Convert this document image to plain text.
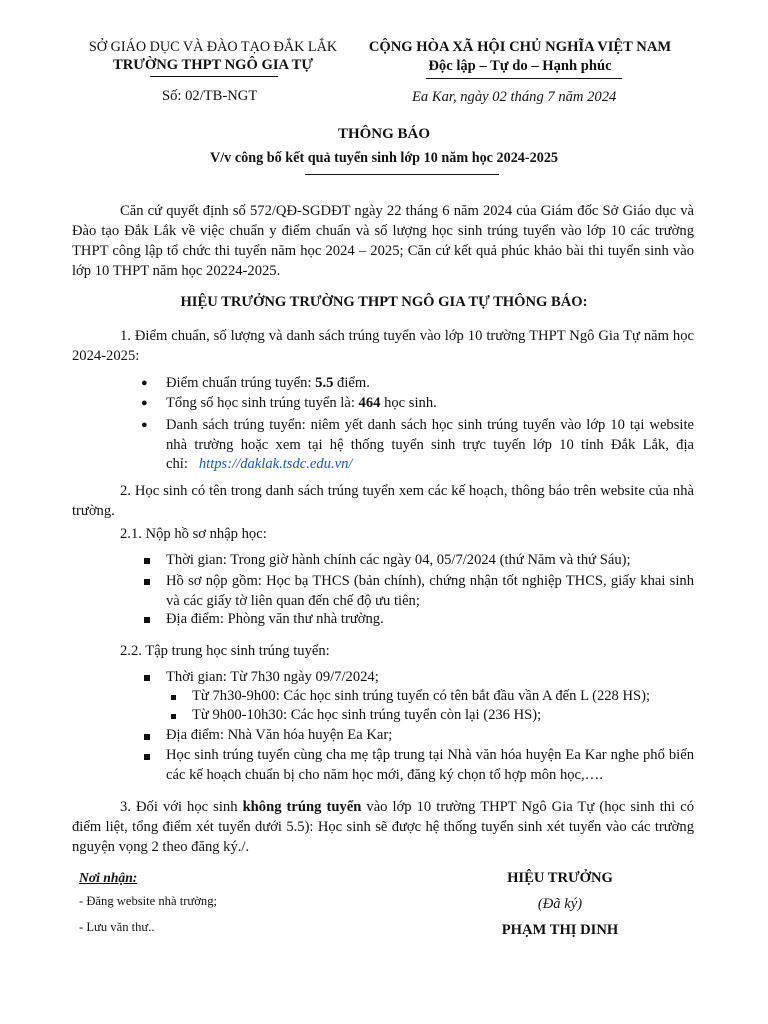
SỞ GIÁO DỤC VÀ ĐÀO TẠO ĐẮK LẮK
TRƯỜNG THPT NGÔ GIA TỰ
Số: 02/TB-NGT
CỘNG HÒA XÃ HỘI CHỦ NGHĨA VIỆT NAM
Độc lập – Tự do – Hạnh phúc
Ea Kar, ngày 02 tháng 7 năm 2024
THÔNG BÁO
V/v công bố kết quả tuyển sinh lớp 10 năm học 2024-2025
Căn cứ quyết định số 572/QĐ-SGDĐT ngày 22 tháng 6 năm 2024 của Giám đốc Sở Giáo dục và Đào tạo Đắk Lắk về việc chuẩn y điểm chuẩn và số lượng học sinh trúng tuyển vào lớp 10 các trường THPT công lập tổ chức thi tuyển năm học 2024 – 2025; Căn cứ kết quả phúc khảo bài thi tuyển sinh vào lớp 10 THPT năm học 20224-2025.
HIỆU TRƯỞNG TRƯỜNG THPT NGÔ GIA TỰ THÔNG BÁO:
1. Điểm chuẩn, số lượng và danh sách trúng tuyển vào lớp 10 trường THPT Ngô Gia Tự năm học 2024-2025:
● Điểm chuẩn trúng tuyển: 5.5 điểm.
● Tổng số học sinh trúng tuyển là: 464 học sinh.
● Danh sách trúng tuyển: niêm yết danh sách học sinh trúng tuyển vào lớp 10 tại website nhà trường hoặc xem tại hệ thống tuyển sinh trực tuyến lớp 10 tỉnh Đắk Lắk, địa chỉ: https://daklak.tsdc.edu.vn/
2. Học sinh có tên trong danh sách trúng tuyển xem các kế hoạch, thông báo trên website của nhà trường.
2.1. Nộp hồ sơ nhập học:
Thời gian: Trong giờ hành chính các ngày 04, 05/7/2024 (thứ Năm và thứ Sáu);
Hồ sơ nộp gồm: Học bạ THCS (bản chính), chứng nhận tốt nghiệp THCS, giấy khai sinh và các giấy tờ liên quan đến chế độ ưu tiên;
Địa điểm: Phòng văn thư nhà trường.
2.2. Tập trung học sinh trúng tuyển:
Thời gian: Từ 7h30 ngày 09/7/2024;
Từ 7h30-9h00: Các học sinh trúng tuyển có tên bắt đầu vần A đến L (228 HS);
Từ 9h00-10h30: Các học sinh trúng tuyển còn lại (236 HS);
Địa điểm: Nhà Văn hóa huyện Ea Kar;
Học sinh trúng tuyển cùng cha mẹ tập trung tại Nhà văn hóa huyện Ea Kar nghe phổ biến các kế hoạch chuẩn bị cho năm học mới, đăng ký chọn tổ hợp môn học,….
3. Đối với học sinh không trúng tuyển vào lớp 10 trường THPT Ngô Gia Tự (học sinh thi có điểm liệt, tổng điểm xét tuyển dưới 5.5): Học sinh sẽ được hệ thống tuyển sinh xét tuyển vào các trường nguyện vọng 2 theo đăng ký./.
Nơi nhận:
- Đăng website nhà trường;
- Lưu văn thư..
HIỆU TRƯỞNG
(Đã ký)
PHẠM THỊ DINH
